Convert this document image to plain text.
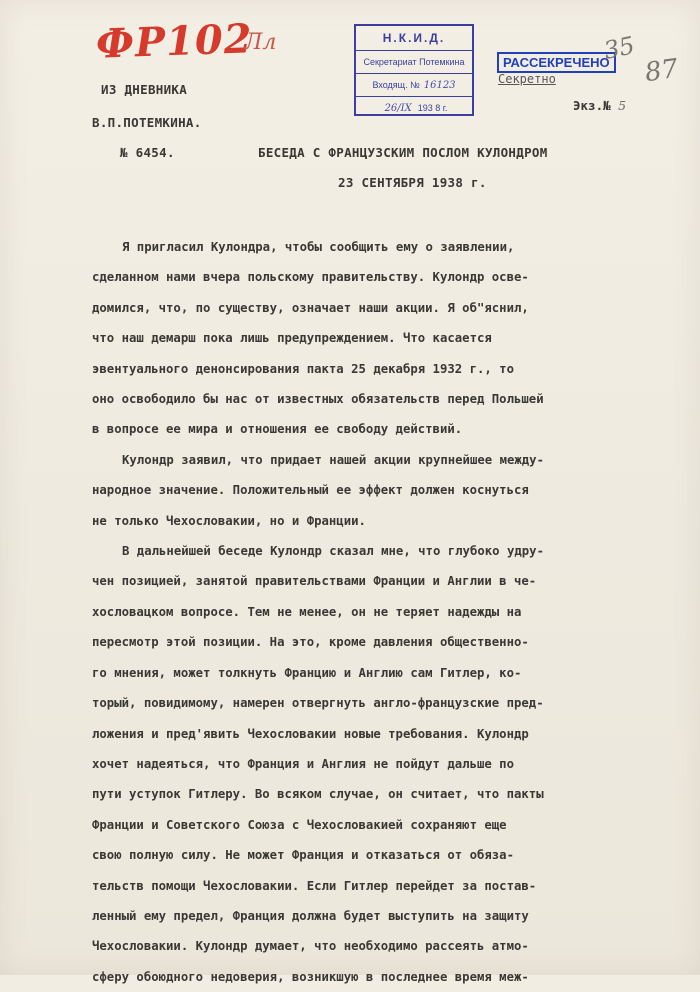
ФР102
Лл	Н.К.И.Д.
Секретариат Потемкина
Входящ. № 16123
26/IX 193 8 г.
РАССЕКРЕЧЕНО
Секретно
35
87
Экз.№ 5
ИЗ ДНЕВНИКА
В.П.ПОТЕМКИНА.
№ 6454.	БЕСЕДА С ФРАНЦУЗСКИМ ПОСЛОМ КУЛОНДРОМ
23 СЕНТЯБРЯ 1938 г.
Я пригласил Кулондра, чтобы сообщить ему о заявлении,
сделанном нами вчера польскому правительству. Кулондр осве-
домился, что, по существу, означает наши акции. Я об"яснил,
что наш демарш пока лишь предупреждением. Что касается
эвентуального денонсирования пакта 25 декабря 1932 г., то
оно освободило бы нас от известных обязательств перед Польшей
в вопросе ее мира и отношения ее свободу действий.
Кулондр заявил, что придает нашей акции крупнейшее между-
народное значение. Положительный ее эффект должен коснуться
не только Чехословакии, но и Франции.
В дальнейшей беседе Кулондр сказал мне, что глубоко удру-
чен позицией, занятой правительствами Франции и Англии в че-
хословацком вопросе. Тем не менее, он не теряет надежды на
пересмотр этой позиции. На это, кроме давления общественно-
го мнения, может толкнуть Францию и Англию сам Гитлер, ко-
торый, повидимому, намерен отвергнуть англо-французские пред-
ложения и пред'явить Чехословакии новые требования. Кулондр
хочет надеяться, что Франция и Англия не пойдут дальше по
пути уступок Гитлеру. Во всяком случае, он считает, что пакты
Франции и Советского Союза с Чехословакией сохраняют еще
свою полную силу. Не может Франция и отказаться от обяза-
тельств помощи Чехословакии. Если Гитлер перейдет за постав-
ленный ему предел, Франция должна будет выступить на защиту
Чехословакии. Кулондр думает, что необходимо рассеять атмо-
сферу обоюдного недоверия, возникшую в последнее время меж-
